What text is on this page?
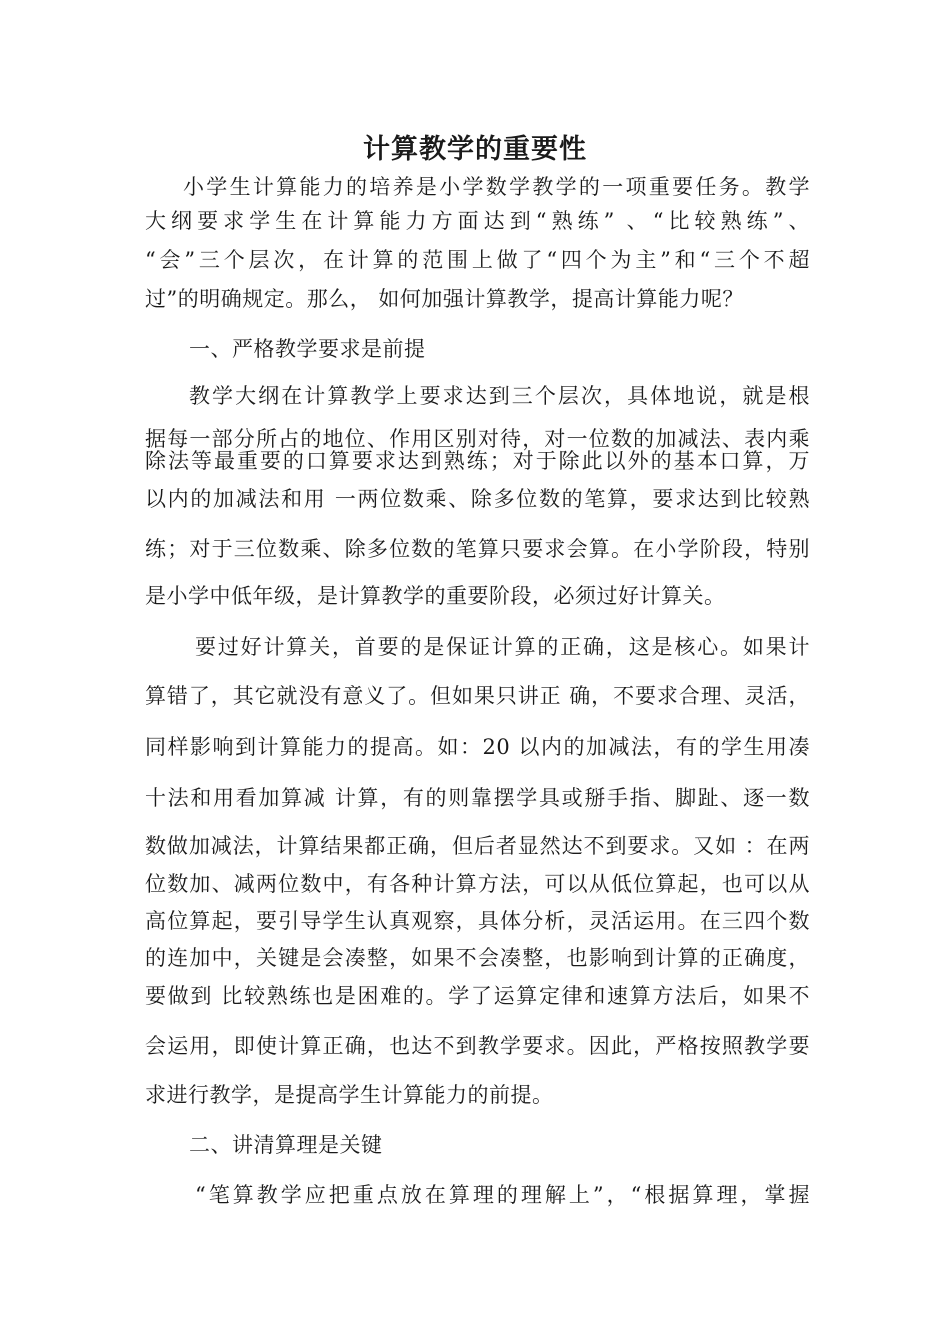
计算教学的重要性
小学生计算能力的培养是小学数学教学的一项重要任务。教学
大纲要求学生在计算能力方面达到“熟练” 、“比较熟练”、
“会”三个层次，在计算的范围上做了“四个为主”和“三个不超
过”的明确规定。那么， 如何加强计算教学，提高计算能力呢？
一、严格教学要求是前提
教学大纲在计算教学上要求达到三个层次，具体地说，就是根
据每一部分所占的地位、作用区别对待，对一位数的加减法、表内乘
除法等最重要的口算要求达到熟练；对于除此以外的基本口算，万
以内的加减法和用 一两位数乘、除多位数的笔算，要求达到比较熟
练；对于三位数乘、除多位数的笔算只要求会算。在小学阶段，特别
是小学中低年级，是计算教学的重要阶段，必须过好计算关。
要过好计算关，首要的是保证计算的正确，这是核心。如果计
算错了，其它就没有意义了。但如果只讲正 确，不要求合理、灵活，
同样影响到计算能力的提高。如：20 以内的加减法，有的学生用凑
十法和用看加算减 计算，有的则靠摆学具或掰手指、脚趾、逐一数
数做加减法，计算结果都正确，但后者显然达不到要求。又如 ：在两
位数加、减两位数中，有各种计算方法，可以从低位算起，也可以从
高位算起，要引导学生认真观察，具体分析，灵活运用。在三四个数
的连加中，关键是会凑整，如果不会凑整，也影响到计算的正确度，
要做到 比较熟练也是困难的。学了运算定律和速算方法后，如果不
会运用，即使计算正确，也达不到教学要求。因此，严格按照教学要
求进行教学，是提高学生计算能力的前提。
二、讲清算理是关键
“笔算教学应把重点放在算理的理解上”，“根据算理，掌握
